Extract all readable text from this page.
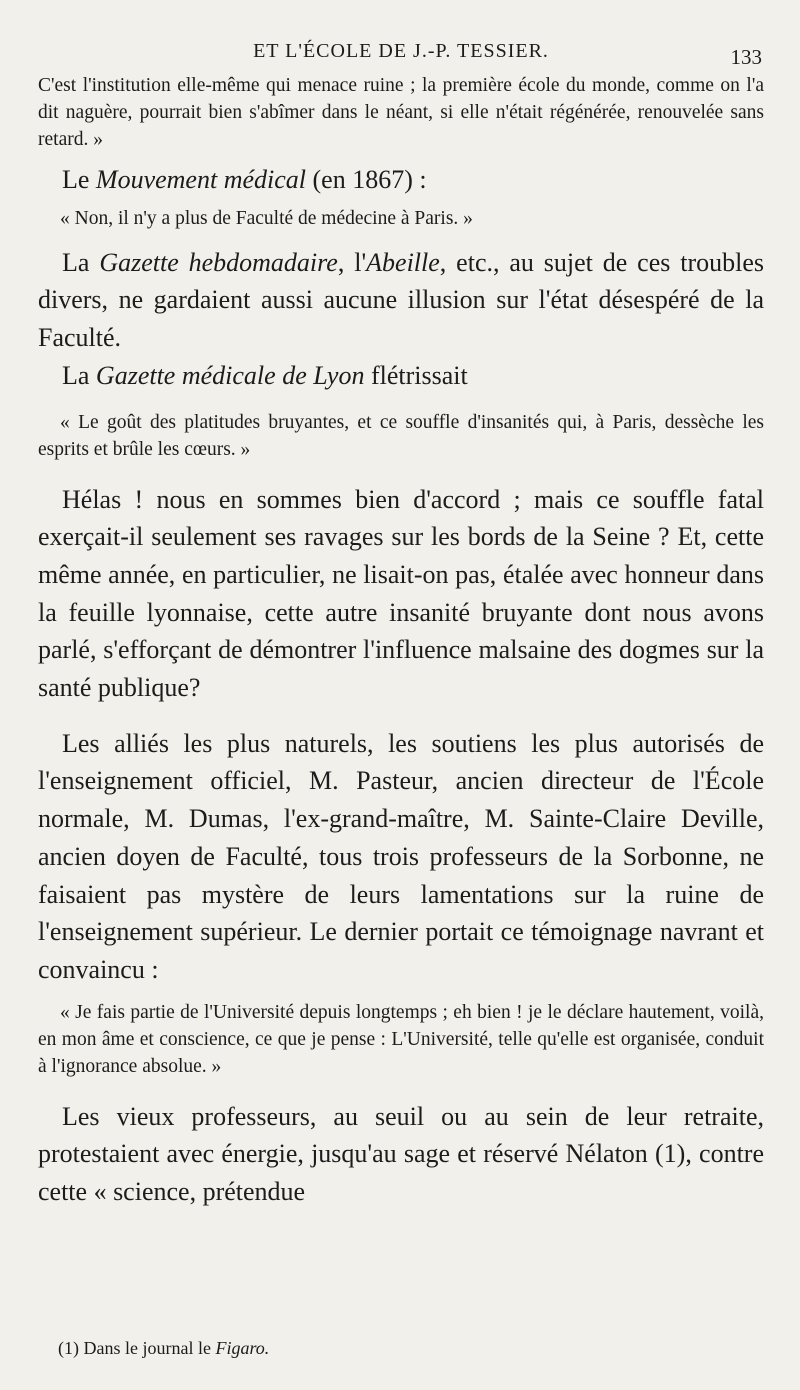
ET L'ÉCOLE DE J.-P. TESSIER.	133

C'est l'institution elle-même qui menace ruine ; la première école du monde, comme on l'a dit naguère, pourrait bien s'abîmer dans le néant, si elle n'était régénérée, renouvelée sans retard. »

Le Mouvement médical (en 1867) :

« Non, il n'y a plus de Faculté de médecine à Paris. »

La Gazette hebdomadaire, l'Abeille, etc., au sujet de ces troubles divers, ne gardaient aussi aucune illusion sur l'état désespéré de la Faculté.

La Gazette médicale de Lyon flétrissait

« Le goût des platitudes bruyantes, et ce souffle d'insanités qui, à Paris, dessèche les esprits et brûle les cœurs. »

Hélas ! nous en sommes bien d'accord ; mais ce souffle fatal exerçait-il seulement ses ravages sur les bords de la Seine ? Et, cette même année, en particulier, ne lisait-on pas, étalée avec honneur dans la feuille lyonnaise, cette autre insanité bruyante dont nous avons parlé, s'efforçant de démontrer l'influence malsaine des dogmes sur la santé publique?

Les alliés les plus naturels, les soutiens les plus autorisés de l'enseignement officiel, M. Pasteur, ancien directeur de l'École normale, M. Dumas, l'ex-grand-maître, M. Sainte-Claire Deville, ancien doyen de Faculté, tous trois professeurs de la Sorbonne, ne faisaient pas mystère de leurs lamentations sur la ruine de l'enseignement supérieur. Le dernier portait ce témoignage navrant et convaincu :

« Je fais partie de l'Université depuis longtemps ; eh bien ! je le déclare hautement, voilà, en mon âme et conscience, ce que je pense : L'Université, telle qu'elle est organisée, conduit à l'ignorance absolue. »

Les vieux professeurs, au seuil ou au sein de leur retraite, protestaient avec énergie, jusqu'au sage et réservé Nélaton (1), contre cette « science, prétendue

(1) Dans le journal le Figaro.
